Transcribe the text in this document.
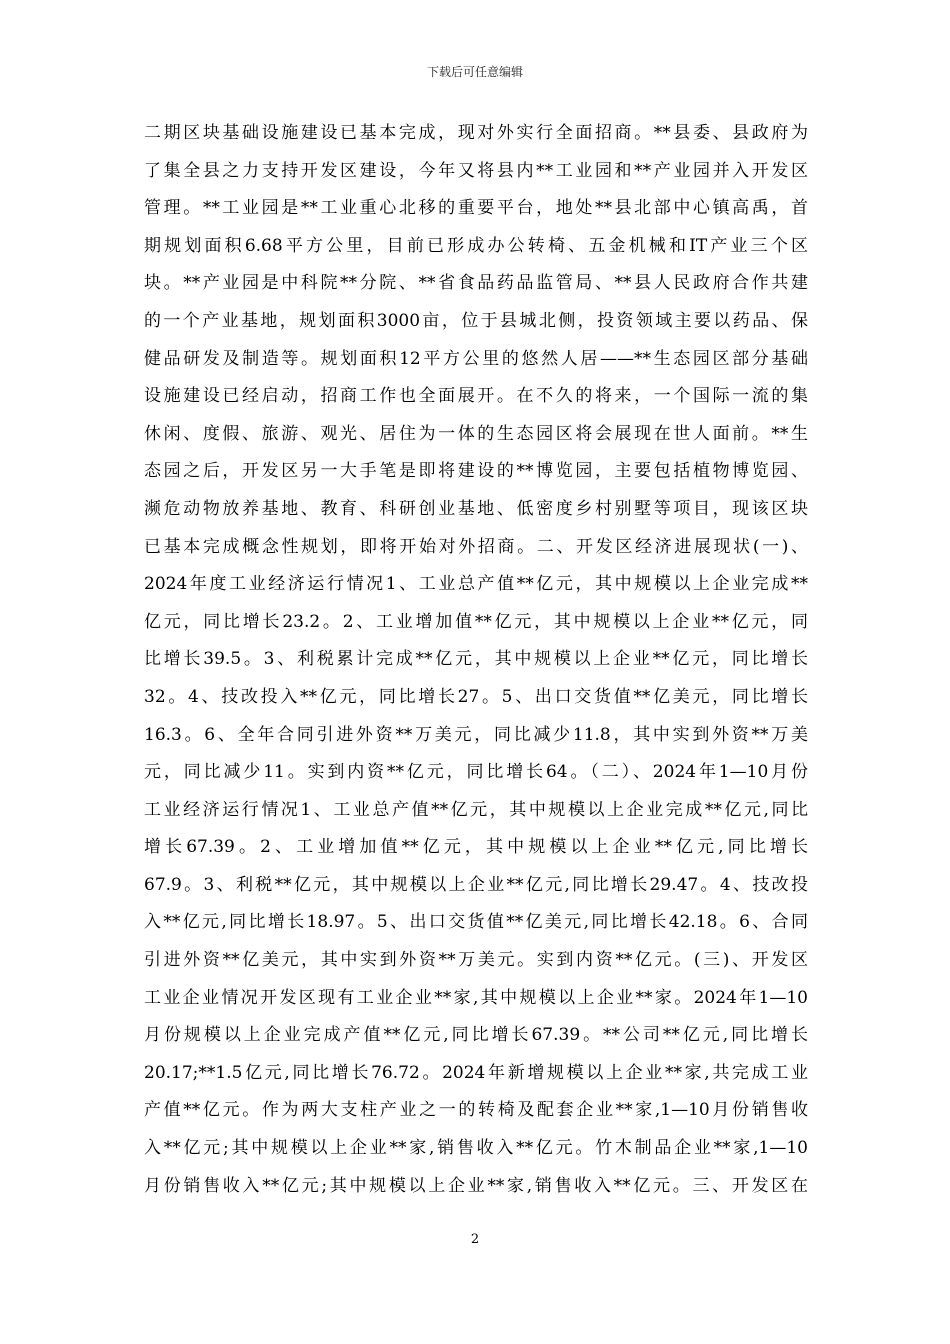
下载后可任意编辑
二期区块基础设施建设已基本完成，现对外实行全面招商。**县委、县政府为
了集全县之力支持开发区建设，今年又将县内**工业园和**产业园并入开发区
管理。**工业园是**工业重心北移的重要平台，地处**县北部中心镇高禹，首
期规划面积6.68平方公里，目前已形成办公转椅、五金机械和IT产业三个区
块。**产业园是中科院**分院、**省食品药品监管局、**县人民政府合作共建
的一个产业基地，规划面积3000亩，位于县城北侧，投资领域主要以药品、保
健品研发及制造等。规划面积12平方公里的悠然人居——**生态园区部分基础
设施建设已经启动，招商工作也全面展开。在不久的将来，一个国际一流的集
休闲、度假、旅游、观光、居住为一体的生态园区将会展现在世人面前。**生
态园之后，开发区另一大手笔是即将建设的**博览园，主要包括植物博览园、
濒危动物放养基地、教育、科研创业基地、低密度乡村别墅等项目，现该区块
已基本完成概念性规划，即将开始对外招商。二、开发区经济进展现状(一)、
2024年度工业经济运行情况1、工业总产值**亿元，其中规模以上企业完成**
亿元，同比增长23.2。2、工业增加值**亿元，其中规模以上企业**亿元，同
比增长39.5。3、利税累计完成**亿元，其中规模以上企业**亿元，同比增长
32。4、技改投入**亿元，同比增长27。5、出口交货值**亿美元，同比增长
16.3。6、全年合同引进外资**万美元，同比减少11.8，其中实到外资**万美
元，同比减少11。实到内资**亿元，同比增长64。（二）、2024年1—10月份
工业经济运行情况1、工业总产值**亿元，其中规模以上企业完成**亿元,同比
增长67.39。2、工业增加值**亿元，其中规模以上企业**亿元,同比增长
67.9。3、利税**亿元，其中规模以上企业**亿元,同比增长29.47。4、技改投
入**亿元,同比增长18.97。5、出口交货值**亿美元,同比增长42.18。6、合同
引进外资**亿美元，其中实到外资**万美元。实到内资**亿元。(三)、开发区
工业企业情况开发区现有工业企业**家,其中规模以上企业**家。2024年1—10
月份规模以上企业完成产值**亿元,同比增长67.39。**公司**亿元,同比增长
20.17;**1.5亿元,同比增长76.72。2024年新增规模以上企业**家,共完成工业
产值**亿元。作为两大支柱产业之一的转椅及配套企业**家,1—10月份销售收
入**亿元;其中规模以上企业**家,销售收入**亿元。竹木制品企业**家,1—10
月份销售收入**亿元;其中规模以上企业**家,销售收入**亿元。三、开发区在
2
